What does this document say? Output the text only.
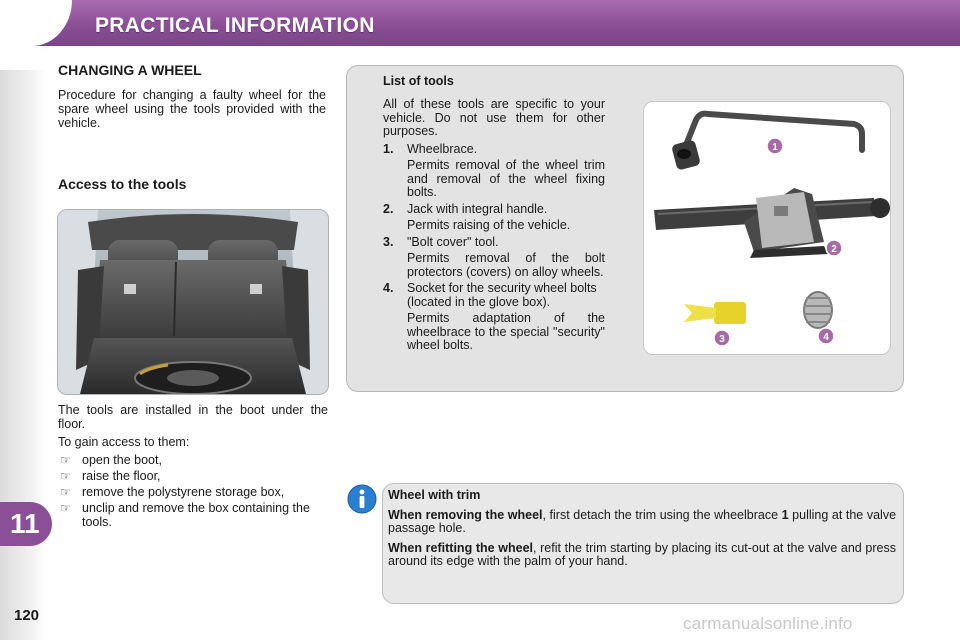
PRACTICAL INFORMATION
11
120
CHANGING A WHEEL

Procedure for changing a faulty wheel for the spare wheel using the tools provided with the vehicle.

Access to the tools

The tools are installed in the boot under the floor.

To gain access to them:

☞ open the boot,
☞ raise the floor,
☞ remove the polystyrene storage box,
☞ unclip and remove the box containing the tools.
List of tools

All of these tools are specific to your vehicle. Do not use them for other purposes.

1.	Wheelbrace.
Permits removal of the wheel trim and removal of the wheel fixing bolts.
2.	Jack with integral handle.
Permits raising of the vehicle.
3.	"Bolt cover" tool.
Permits removal of the bolt protectors (covers) on alloy wheels.
4.	Socket for the security wheel bolts (located in the glove box).
Permits adaptation of the wheelbrace to the special "security" wheel bolts.
1
2
3	4

Wheel with trim

When removing the wheel, first detach the trim using the wheelbrace 1 pulling at the valve passage hole.

When refitting the wheel, refit the trim starting by placing its cut-out at the valve and press around its edge with the palm of your hand.

carmanualsonline.info
